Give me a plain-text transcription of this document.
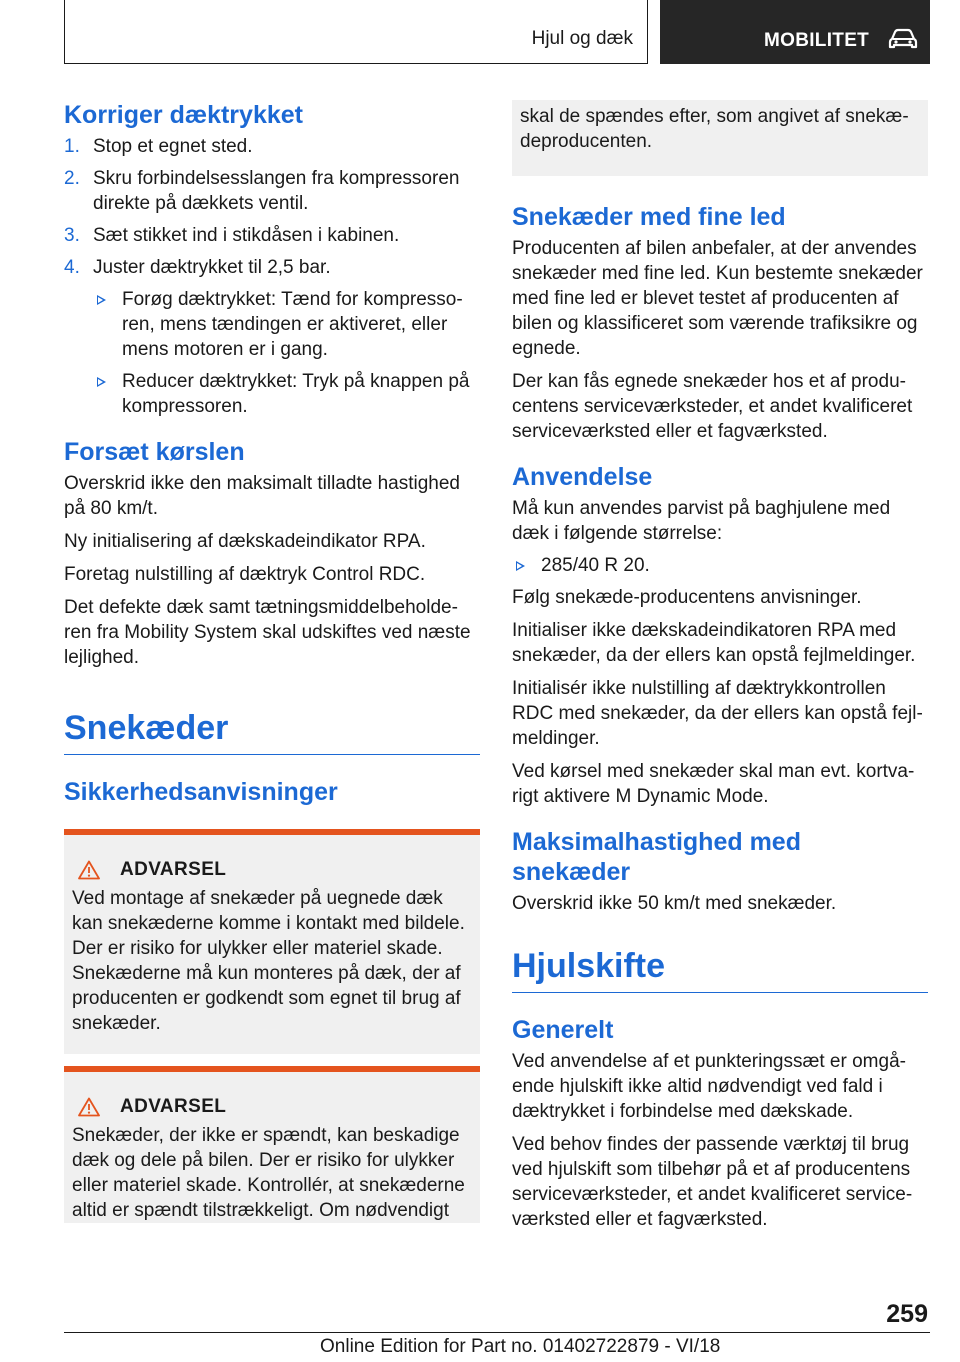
Hjul og dæk	MOBILITET
Korriger dæktrykket
1. Stop et egnet sted.
2. Skru forbindelsesslangen fra kompressoren direkte på dækkets ventil.
3. Sæt stikket ind i stikdåsen i kabinen.
4. Juster dæktrykket til 2,5 bar.
Forøg dæktrykket: Tænd for kompresso-ren, mens tændingen er aktiveret, eller mens motoren er i gang.
Reducer dæktrykket: Tryk på knappen på kompressoren.
Forsæt kørslen

Overskrid ikke den maksimalt tilladte hastighed på 80 km/t.

Ny initialisering af dækskadeindikator RPA.

Foretag nulstilling af dæktryk Control RDC.

Det defekte dæk samt tætningsmiddelbeholde-ren fra Mobility System skal udskiftes ved næste lejlighed.

Snekæder
Sikkerhedsanvisninger
ADVARSEL

Ved montage af snekæder på uegnede dæk kan snekæderne komme i kontakt med bildele. Der er risiko for ulykker eller materiel skade. Snekæderne må kun monteres på dæk, der af producenten er godkendt som egnet til brug af snekæder.

ADVARSEL

Snekæder, der ikke er spændt, kan beskadige dæk og dele på bilen. Der er risiko for ulykker eller materiel skade. Kontrollér, at snekæderne altid er spændt tilstrækkeligt. Om nødvendigt

skal de spændes efter, som angivet af snekæ-deproducenten.

Snekæder med fine led

Producenten af bilen anbefaler, at der anvendes snekæder med fine led. Kun bestemte snekæder med fine led er blevet testet af producenten af bilen og klassificeret som værende trafiksikre og egnede.

Der kan fås egnede snekæder hos et af produ-centens serviceværksteder, et andet kvalificeret serviceværksted eller et fagværksted.

Anvendelse

Må kun anvendes parvist på baghjulene med dæk i følgende størrelse:

285/40 R 20.

Følg snekæde-producentens anvisninger.

Initialiser ikke dækskadeindikatoren RPA med snekæder, da der ellers kan opstå fejlmeldinger.

Initialisér ikke nulstilling af dæktrykkontrollen RDC med snekæder, da der ellers kan opstå fejl-meldinger.

Ved kørsel med snekæder skal man evt. kortva-rigt aktivere M Dynamic Mode.

Maksimalhastighed med snekæder

Overskrid ikke 50 km/t med snekæder.

Hjulskifte
Generelt

Ved anvendelse af et punkteringssæt er omgå-ende hjulskift ikke altid nødvendigt ved fald i dæktrykket i forbindelse med dækskade.

Ved behov findes der passende værktøj til brug ved hjulskift som tilbehør på et af producentens serviceværksteder, et andet kvalificeret service-værksted eller et fagværksted.

259
Online Edition for Part no. 01402722879 - VI/18
